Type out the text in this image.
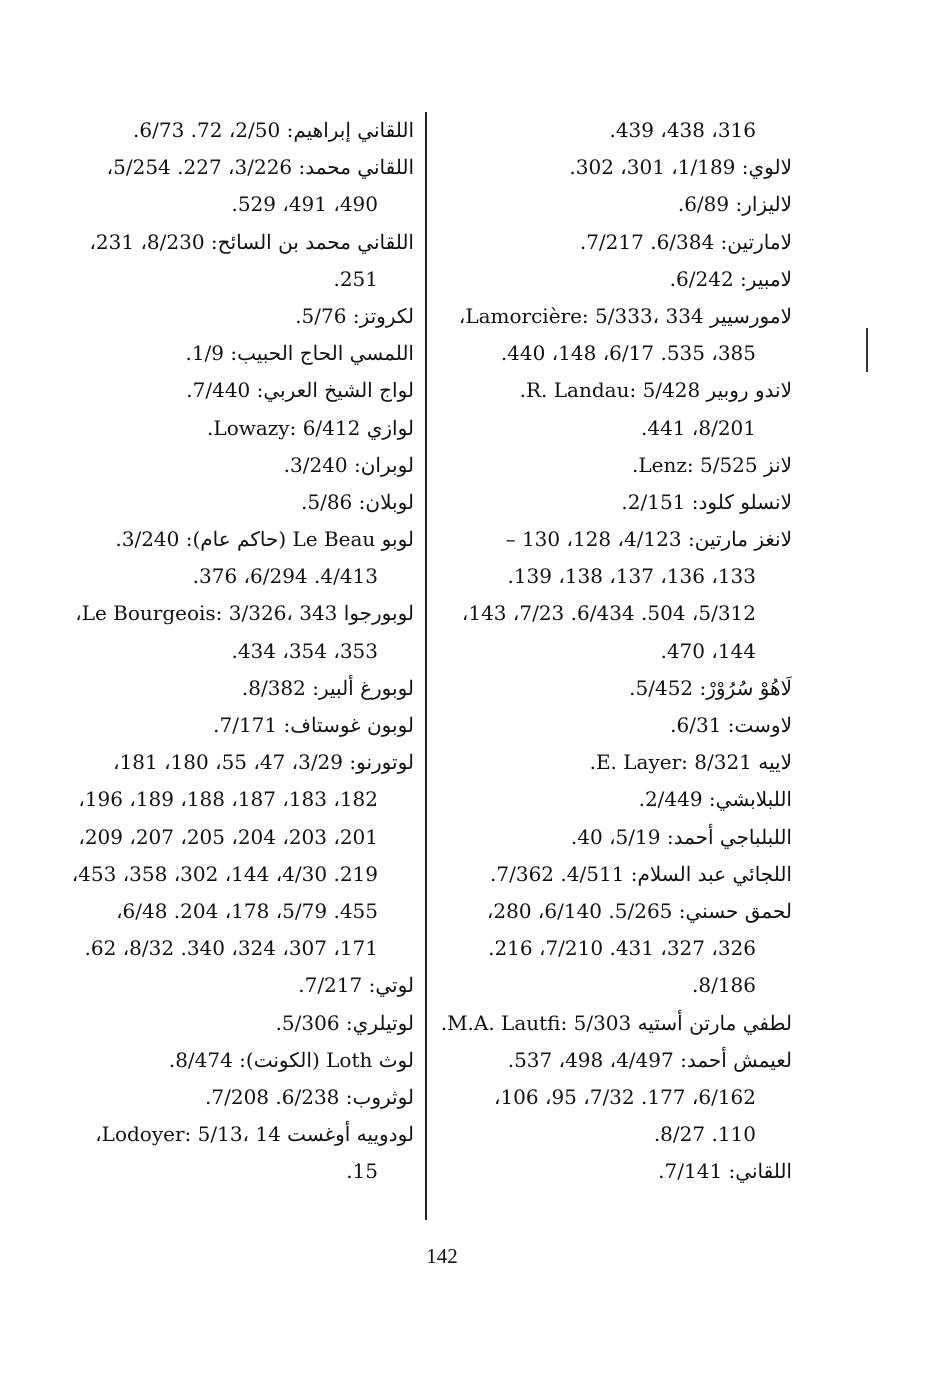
316، 438، 439.
لالوي: 1/189، 301، 302.
لاليزار: 6/89.
لامارتين: 6/384. 7/217.
لامبير: 6/242.
لامورسيير Lamorcière: 5/333، 334،
385، 535. 6/17، 148، 440.
لاندو روبير R. Landau: 5/428.
8/201، 441.
لانز Lenz: 5/525.
لانسلو كلود: 2/151.
لانغز مارتين: 4/123، 128، 130 –
133، 136، 137، 138، 139.
5/312، 504. 6/434. 7/23، 143،
144، 470.
لَاهُوْ سُرُوْرْ: 5/452.
لاوست: 6/31.
لاييه E. Layer: 8/321.
اللبلابشي: 2/449.
اللبلباجي أحمد: 5/19، 40.
اللجائي عبد السلام: 4/511. 7/362.
لحمق حسني: 5/265. 6/140، 280،
326، 327، 431. 7/210، 216.
8/186.
لطفي مارتن أستيه M.A. Lautfi: 5/303.
لعيمش أحمد: 4/497، 498، 537.
6/162، 177. 7/32، 95، 106،
110. 8/27.
اللقاني: 7/141.
اللقاني إبراهيم: 2/50، 72. 6/73.
اللقاني محمد: 3/226، 227. 5/254،
490، 491، 529.
اللقاني محمد بن السائح: 8/230، 231،
251.
لكروتز: 5/76.
اللمسي الحاج الحبيب: 1/9.
لواج الشيخ العربي: 7/440.
لوازي Lowazy: 6/412.
لوبران: 3/240.
لوبلان: 5/86.
لوبو Le Beau (حاكم عام): 3/240.
4/413. 6/294، 376.
لوبورجوا Le Bourgeois: 3/326، 343،
353، 354، 434.
لوبورغ ألبير: 8/382.
لوبون غوستاف: 7/171.
لوتورنو: 3/29، 47، 55، 180، 181،
182، 183، 187، 188، 189، 196،
201، 203، 204، 205، 207، 209،
219. 4/30، 144، 302، 358، 453،
455. 5/79، 178، 204. 6/48،
171، 307، 324، 340. 8/32، 62.
لوتي: 7/217.
لوتيلري: 5/306.
لوث Loth (الكونت): 8/474.
لوثروب: 6/238. 7/208.
لودوييه أوغست Lodoyer: 5/13، 14،
15.
142
